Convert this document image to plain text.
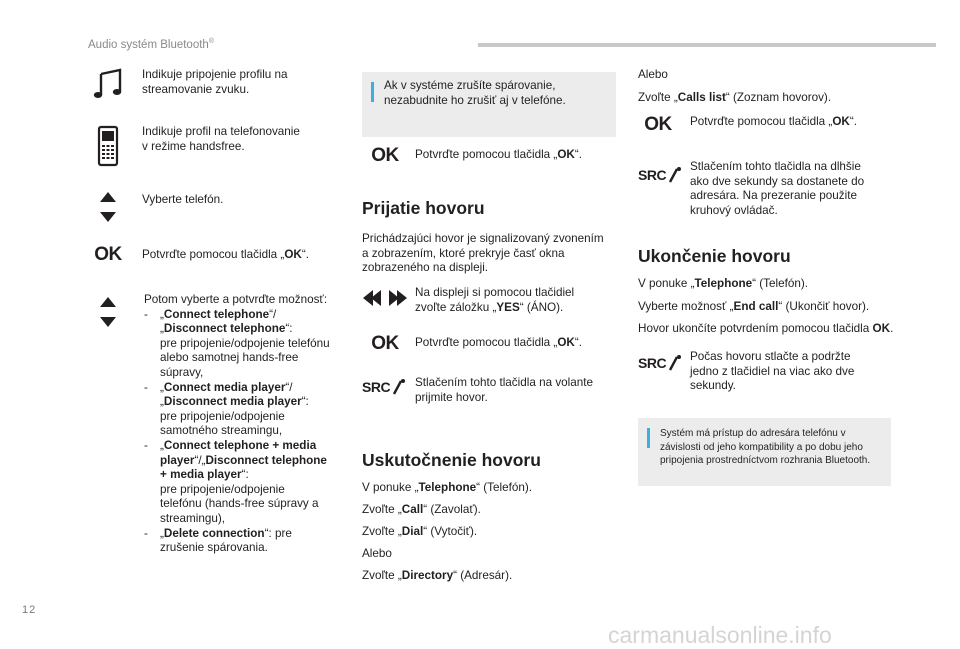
Audio systém Bluetooth®

Indikuje pripojenie profilu na

streamovanie zvuku.

Indikuje profil na telefonovanie

v režime handsfree.

Vyberte telefón.

OK Potvrďte pomocou tlačidla „OK“.

Potom vyberte a potvrďte možnosť:

-	„Connect telephone“/

„Disconnect telephone“:

pre pripojenie/odpojenie telefónu

alebo samotnej hands-free

súpravy,

-	„Connect media player“/

„Disconnect media player“:

pre pripojenie/odpojenie

samotného streamingu,

-	„Connect telephone + media

player“/„Disconnect telephone

+ media player“:

pre pripojenie/odpojenie

telefónu (hands-free súpravy a

streamingu),

-	„Delete connection“: pre

zrušenie spárovania.

Ak v systéme zrušíte spárovanie,

nezabudnite ho zrušiť aj v telefóne.

OK Potvrďte pomocou tlačidla „OK“.

Prijatie hovoru

Prichádzajúci hovor je signalizovaný zvonením

a zobrazením, ktoré prekryje časť okna

zobrazeného na displeji.

Na displeji si pomocou tlačidiel

zvoľte záložku „YES“ (ÁNO).

OK Potvrďte pomocou tlačidla „OK“.

SRC Stlačením tohto tlačidla na volante

prijmite hovor.

Uskutočnenie hovoru

V ponuke „Telephone“ (Telefón).

Zvoľte „Call“ (Zavolať).

Zvoľte „Dial“ (Vytočiť).

Alebo

Zvoľte „Directory“ (Adresár).

Alebo

Zvoľte „Calls list“ (Zoznam hovorov).

OK Potvrďte pomocou tlačidla „OK“.

SRC

Stlačením tohto tlačidla na dlhšie

ako dve sekundy sa dostanete do

adresára. Na prezeranie použite

kruhový ovládač.

Ukončenie hovoru

V ponuke „Telephone“ (Telefón).

Vyberte možnosť „End call“ (Ukončiť hovor).

Hovor ukončíte potvrdením pomocou tlačidla OK.

SRC Počas hovoru stlačte a podržte

jedno z tlačidiel na viac ako dve

sekundy.

Systém má prístup do adresára telefónu v

závislosti od jeho kompatibility a po dobu jeho

pripojenia prostredníctvom rozhrania Bluetooth.

12
carmanualsonline.info
